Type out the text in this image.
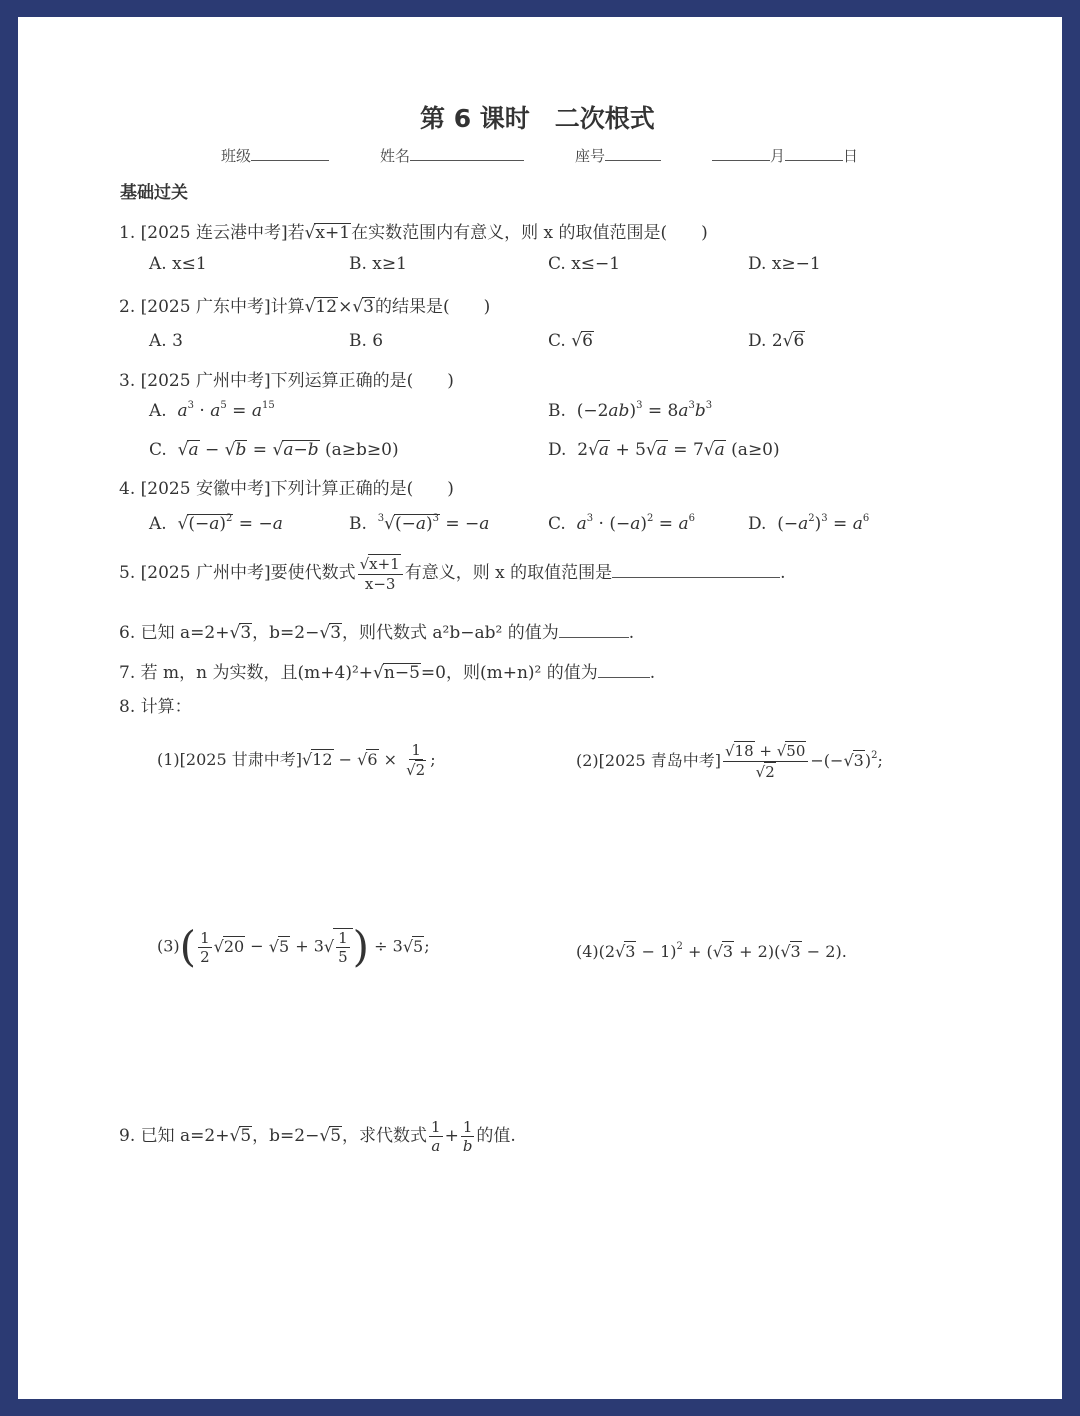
第 6 课时　二次根式
班级	姓名	座号	月	日
基础过关
1. [2025 连云港中考]若√x+1在实数范围内有意义，则 x 的取值范围是(　　)
A. x≤1	B. x≥1	C. x≤−1	D. x≥−1
2. [2025 广东中考]计算√12×√3的结果是(　　)
A. 3	B. 6	C. √6	D. 2√6
3. [2025 广州中考]下列运算正确的是(　　)
A. $a^3 \cdot a^5 = a^{15}$	B.  $(-2ab)^3 = 8a^3b^3$
C. √a − √b = √a−b (a≥b≥0)	D.  2√a + 5√a = 7√a (a≥0)
4. [2025 安徽中考]下列计算正确的是(　　)
A. $√(-a)^2 = -a$	B. $^3√(-a)^3 = -a$	C. $a^3 \cdot (-a)^2 = a^6$	D.  $(-a^2)^3 = a^6$
5. [2025 广州中考]要使代数式 $\frac{√x+1}{x-3}$ 有意义，则 x 的取值范围是	.
6. 已知 a=2+√3，b=2−√3，则代数式 a²b−ab² 的值为	.
7. 若 m，n 为实数，且(m+4)²+√n−5=0，则(m+n)² 的值为	.
8. 计算：
(1)[2025 甘肃中考]$√12 - √6 \times \frac{1}{√2}$ ;	(2)[2025 青岛中考] $\frac{√18 + √50}{√2} -(-√3)^2$;
$(3)( \frac{1}{2} √20 - √5 + 3√ \frac{1}{5}$ ) ÷ 3√5;	$(4)(2√3 - 1)^2 + (√3 + 2)(√3 - 2)$.
9. 已知 a=2+√5，b=2−√5，求代数式 $\frac{1}{a} + \frac{1}{b}$ 的值.
